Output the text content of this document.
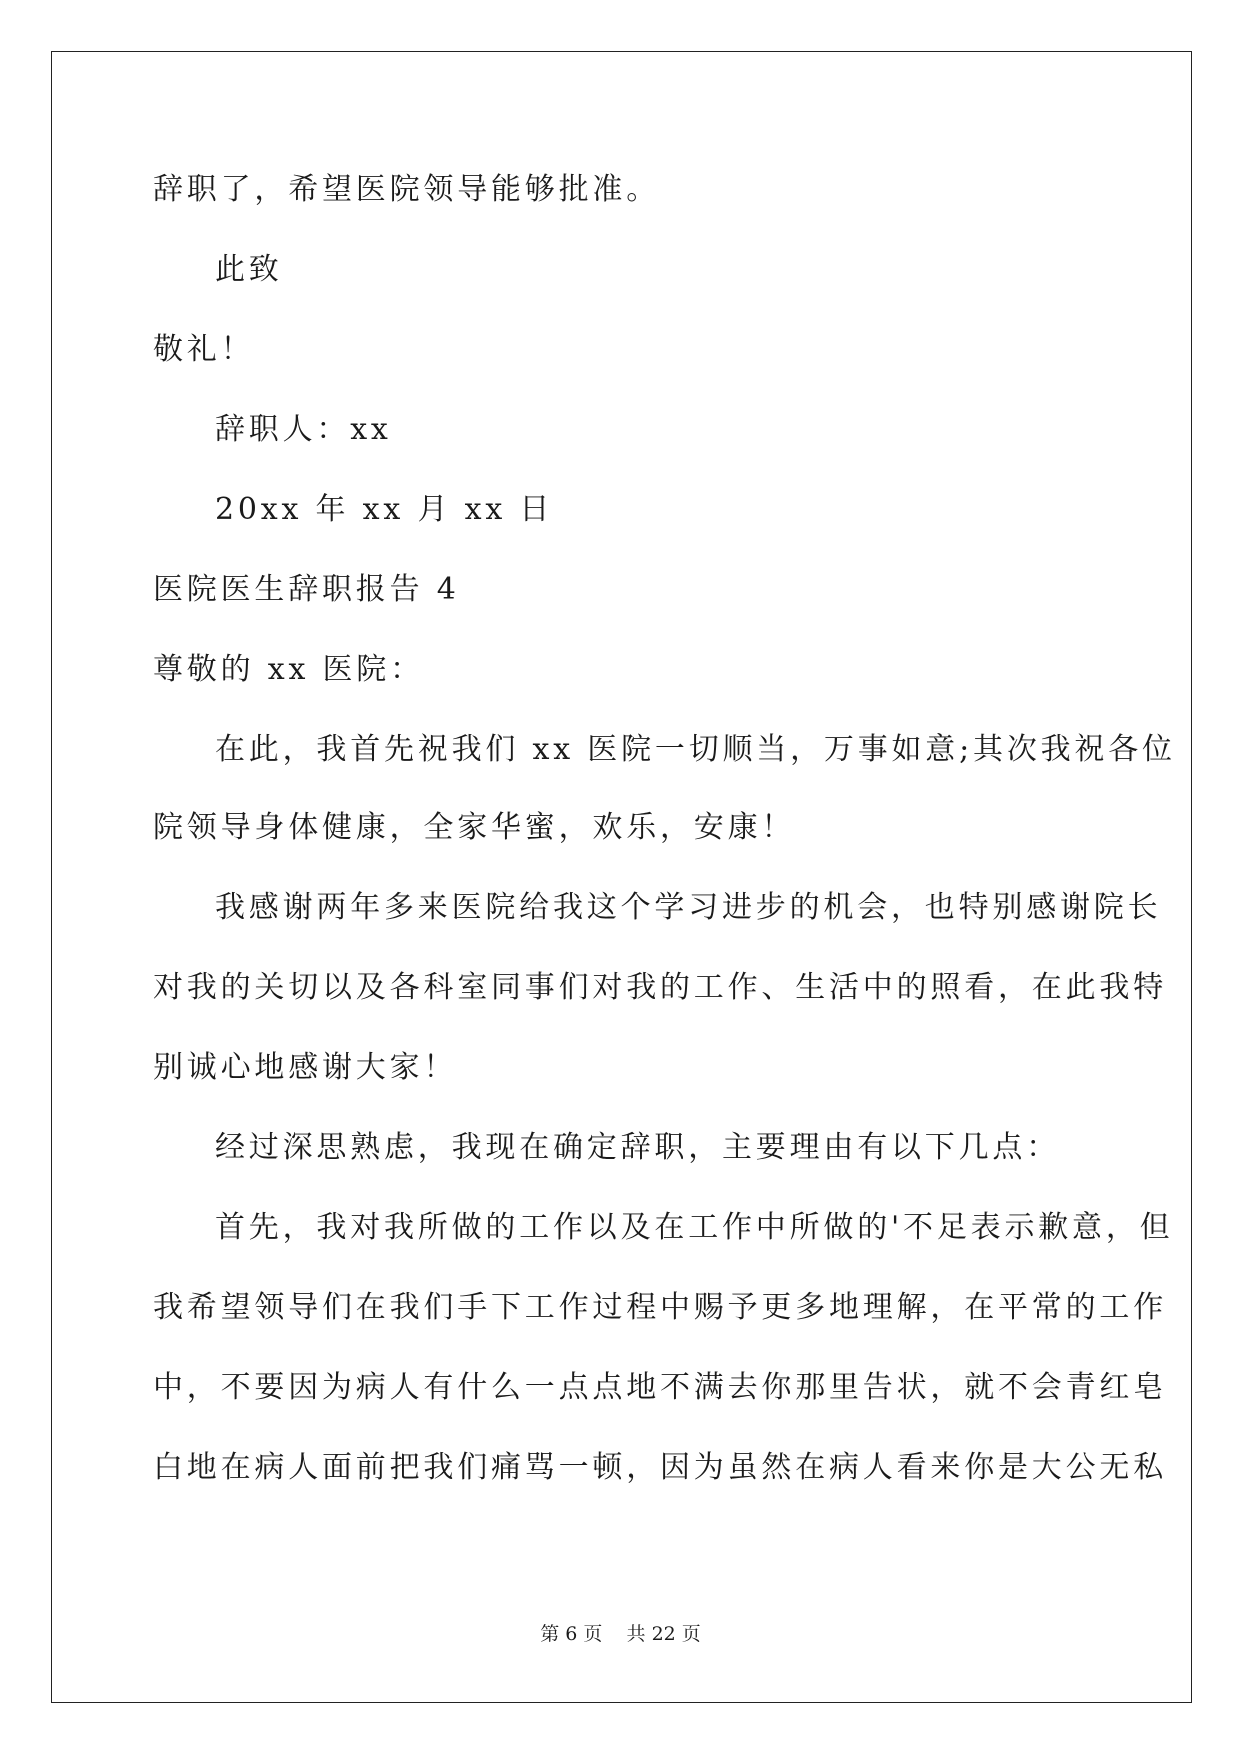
辞职了，希望医院领导能够批准。
此致
敬礼！
辞职人：xx
20xx 年 xx 月 xx 日
医院医生辞职报告 4
尊敬的 xx 医院：
在此，我首先祝我们 xx 医院一切顺当，万事如意;其次我祝各位
院领导身体健康，全家华蜜，欢乐，安康！
我感谢两年多来医院给我这个学习进步的机会，也特别感谢院长
对我的关切以及各科室同事们对我的工作、生活中的照看，在此我特
别诚心地感谢大家！
经过深思熟虑，我现在确定辞职，主要理由有以下几点：
首先，我对我所做的工作以及在工作中所做的'不足表示歉意，但
我希望领导们在我们手下工作过程中赐予更多地理解，在平常的工作
中，不要因为病人有什么一点点地不满去你那里告状，就不会青红皂
白地在病人面前把我们痛骂一顿，因为虽然在病人看来你是大公无私
第 6 页    共 22 页
